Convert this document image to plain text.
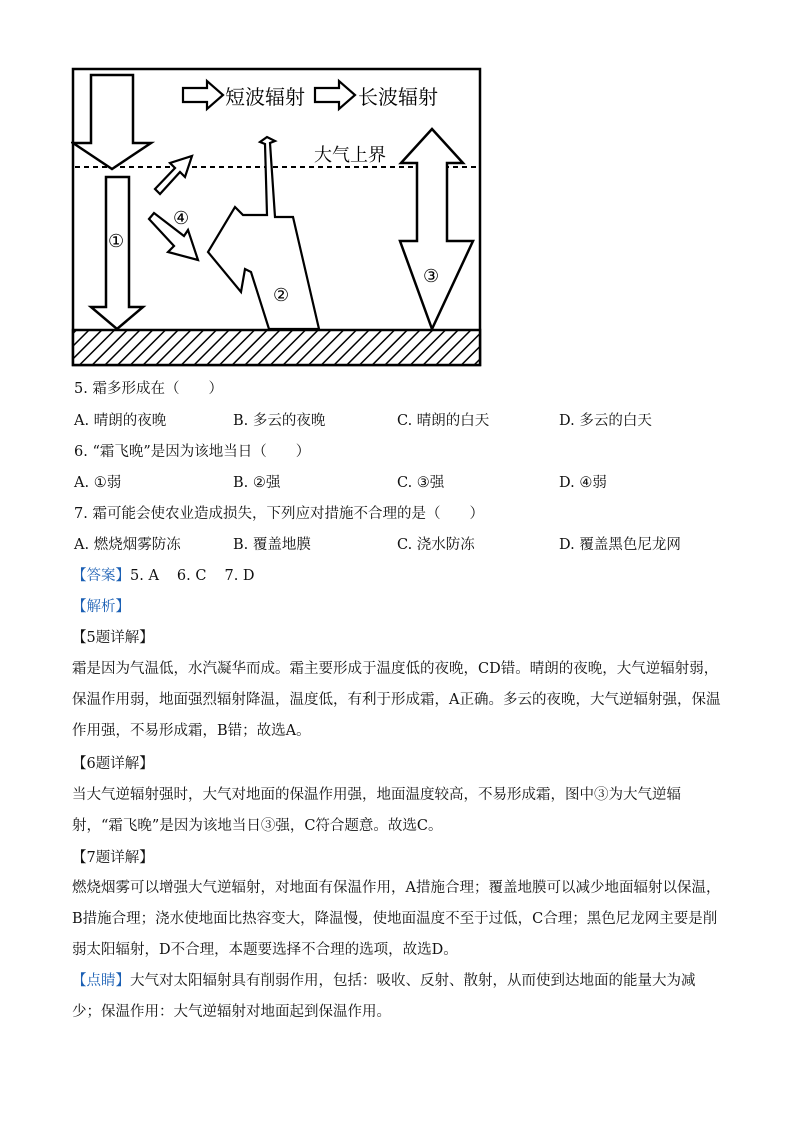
短波辐射	长波辐射
大气上界
①
②
③
④
5. 霜多形成在（　　）
A. 晴朗的夜晚	B. 多云的夜晚	C. 晴朗的白天	D. 多云的白天
6. “霜飞晚”是因为该地当日（　　）
A. ①弱	B. ②强	C. ③强	D. ④弱
7. 霜可能会使农业造成损失，下列应对措施不合理的是（　　）
A. 燃烧烟雾防冻	B. 覆盖地膜	C. 浇水防冻	D. 覆盖黑色尼龙网
【答案】5. A 6. C 7. D
【解析】
【5题详解】
霜是因为气温低，水汽凝华而成。霜主要形成于温度低的夜晚，CD错。晴朗的夜晚，大气逆辐射弱，保温作用弱，地面强烈辐射降温，温度低，有利于形成霜，A正确。多云的夜晚，大气逆辐射强，保温作用强，不易形成霜，B错；故选A。
【6题详解】
当大气逆辐射强时，大气对地面的保温作用强，地面温度较高，不易形成霜，图中③为大气逆辐射，“霜飞晚”是因为该地当日③强，C符合题意。故选C。
【7题详解】
燃烧烟雾可以增强大气逆辐射，对地面有保温作用，A措施合理；覆盖地膜可以减少地面辐射以保温，B措施合理；浇水使地面比热容变大，降温慢，使地面温度不至于过低，C合理；黑色尼龙网主要是削弱太阳辐射，D不合理，本题要选择不合理的选项，故选D。
【点睛】大气对太阳辐射具有削弱作用，包括：吸收、反射、散射，从而使到达地面的能量大为减少；保温作用：大气逆辐射对地面起到保温作用。
